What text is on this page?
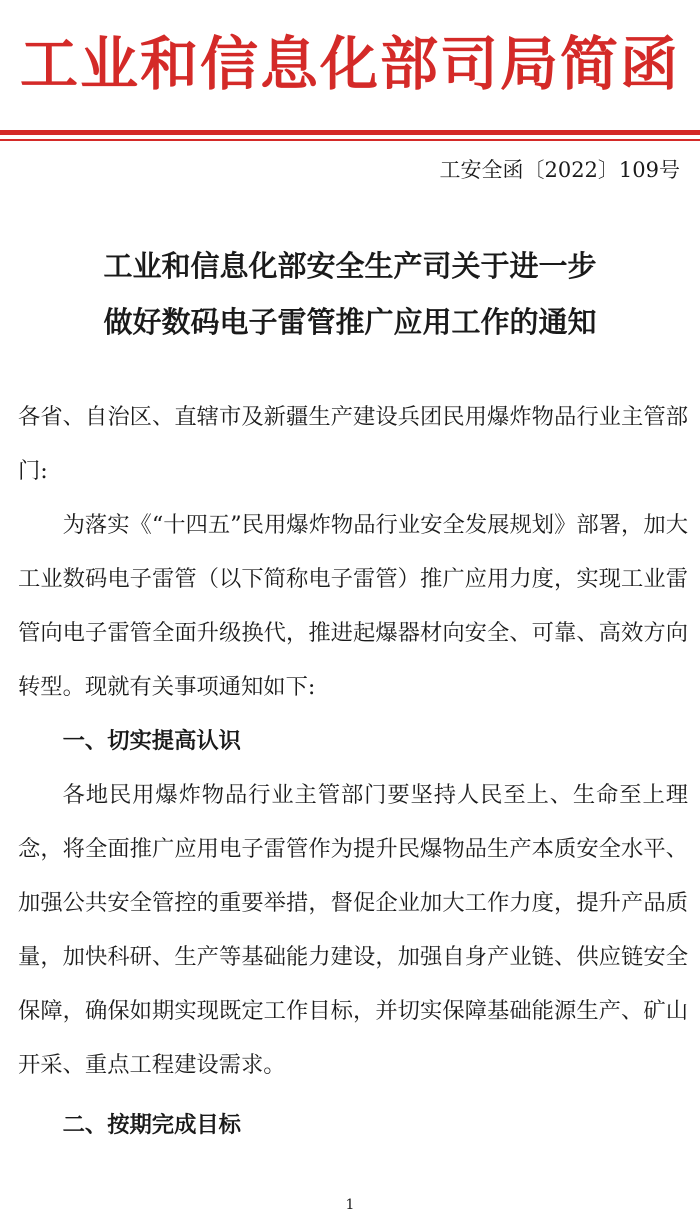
工业和信息化部司局简函
工安全函〔2022〕109号
工业和信息化部安全生产司关于进一步
做好数码电子雷管推广应用工作的通知

各省、自治区、直辖市及新疆生产建设兵团民用爆炸物品行业主管部门:

为落实《“十四五”民用爆炸物品行业安全发展规划》部署，加大工业数码电子雷管（以下简称电子雷管）推广应用力度，实现工业雷管向电子雷管全面升级换代，推进起爆器材向安全、可靠、高效方向转型。现就有关事项通知如下:

一、切实提高认识

各地民用爆炸物品行业主管部门要坚持人民至上、生命至上理念，将全面推广应用电子雷管作为提升民爆物品生产本质安全水平、加强公共安全管控的重要举措，督促企业加大工作力度，提升产品质量，加快科研、生产等基础能力建设，加强自身产业链、供应链安全保障，确保如期实现既定工作目标，并切实保障基础能源生产、矿山开采、重点工程建设需求。

二、按期完成目标

1
